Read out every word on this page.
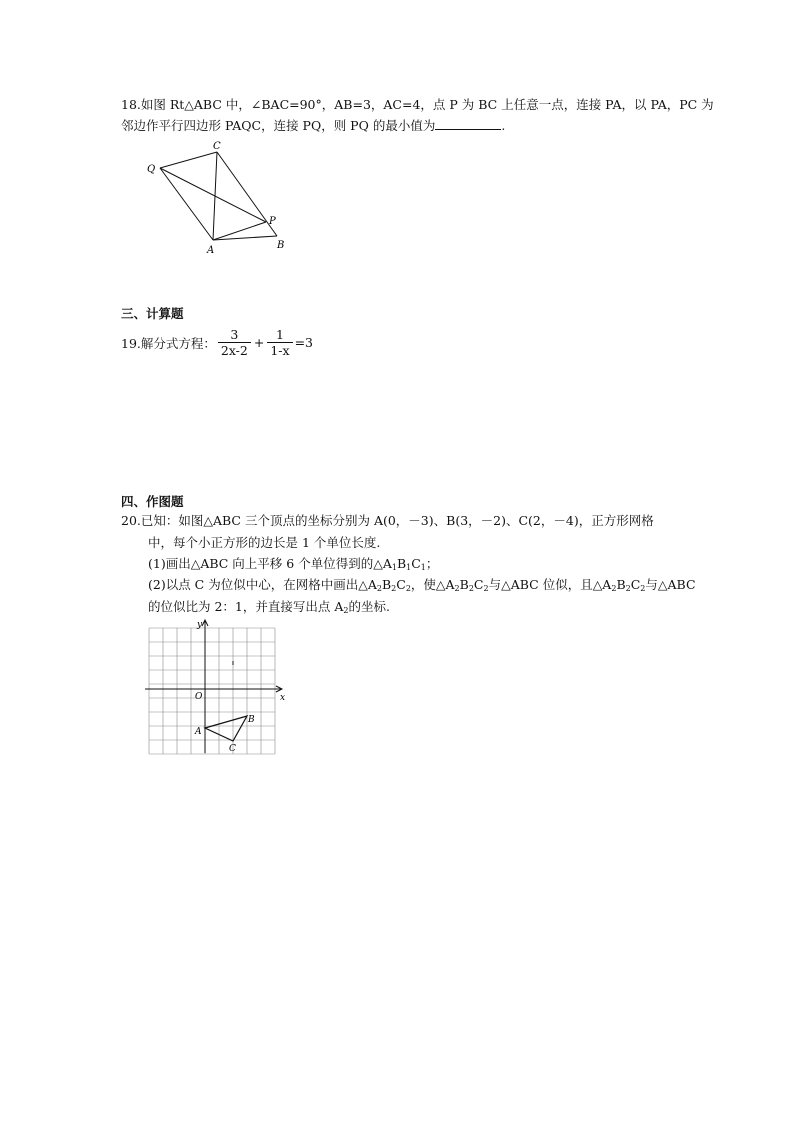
18.如图 Rt△ABC 中，∠BAC=90°，AB=3，AC=4，点 P 为 BC 上任意一点，连接 PA，以 PA，PC 为
邻边作平行四边形 PAQC，连接 PQ，则 PQ 的最小值为	.
C
Q
P
A	B
三、计算题
19.解分式方程： $\frac{3}{2x-2} + \frac{1}{1-x} =3$
四、作图题
20.已知：如图△ABC 三个顶点的坐标分别为 A(0，－3)、B(3，－2)、C(2，－4)，正方形网格
中，每个小正方形的边长是 1 个单位长度.
(1)画出△ABC 向上平移 6 个单位得到的$\triangle A_1B_1C_1$；
(2)以点 C 为位似中心，在网格中画出$\triangle A_2B_2C_2$，使$\triangle A_2B_2C_2$与△ABC 位似，且$\triangle A_2B_2C_2$与△ABC
的位似比为 2：1，并直接写出点 $A_2$的坐标.
y
x
O
A
B
C
